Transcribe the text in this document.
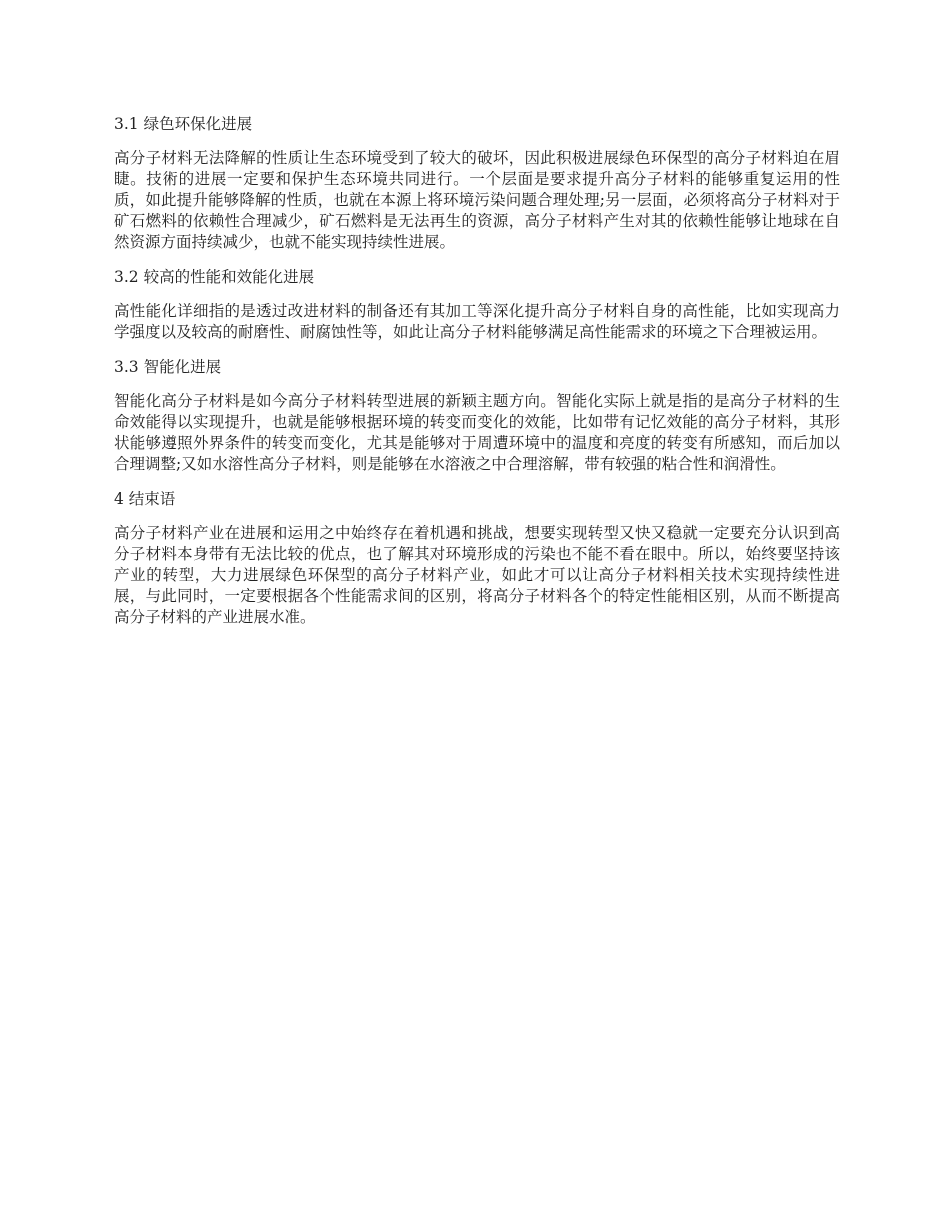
3.1 绿色环保化进展

高分子材料无法降解的性质让生态环境受到了较大的破坏，因此积极进展绿色环保型的高分子材料迫在眉睫。技術的进展一定要和保护生态环境共同进行。一个层面是要求提升高分子材料的能够重复运用的性质，如此提升能够降解的性质，也就在本源上将环境污染问题合理处理;另一层面，必须将高分子材料对于矿石燃料的依赖性合理减少，矿石燃料是无法再生的资源，高分子材料产生对其的依赖性能够让地球在自然资源方面持续减少，也就不能实现持续性进展。

3.2 较高的性能和效能化进展

高性能化详细指的是透过改进材料的制备还有其加工等深化提升高分子材料自身的高性能，比如实现高力学强度以及较高的耐磨性、耐腐蚀性等，如此让高分子材料能够满足高性能需求的环境之下合理被运用。

3.3 智能化进展

智能化高分子材料是如今高分子材料转型进展的新颖主题方向。智能化实际上就是指的是高分子材料的生命效能得以实现提升，也就是能够根据环境的转变而变化的效能，比如带有记忆效能的高分子材料，其形状能够遵照外界条件的转变而变化，尤其是能够对于周遭环境中的温度和亮度的转变有所感知，而后加以合理调整;又如水溶性高分子材料，则是能够在水溶液之中合理溶解，带有较强的粘合性和润滑性。

4 结束语

高分子材料产业在进展和运用之中始终存在着机遇和挑战，想要实现转型又快又稳就一定要充分认识到高分子材料本身带有无法比较的优点，也了解其对环境形成的污染也不能不看在眼中。所以，始终要坚持该产业的转型，大力进展绿色环保型的高分子材料产业，如此才可以让高分子材料相关技术实现持续性进展，与此同时，一定要根据各个性能需求间的区别，将高分子材料各个的特定性能相区别，从而不断提高高分子材料的产业进展水准。
